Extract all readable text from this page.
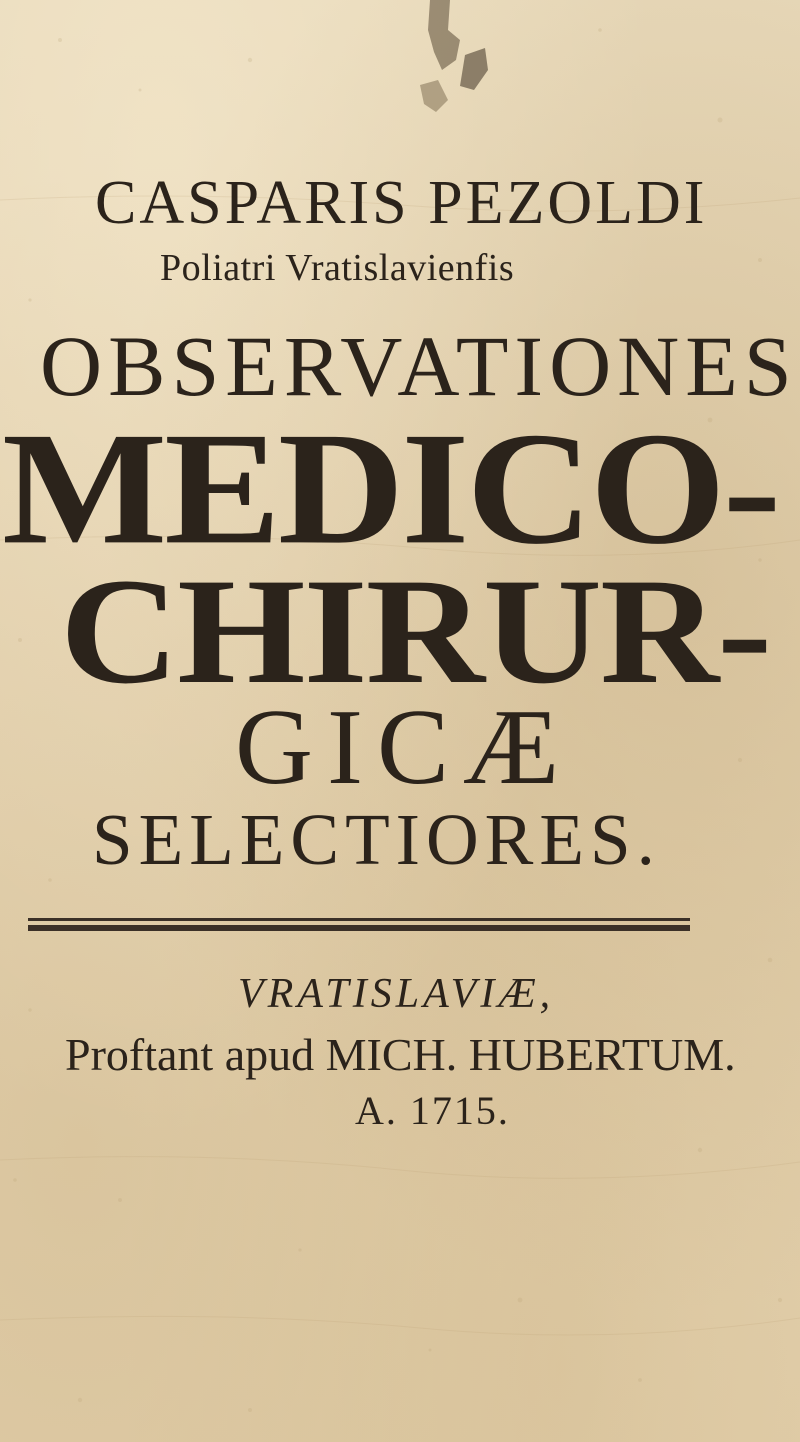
CASPARIS PEZOLDI
Poliatri Vratislavienfis
OBSERVATIONES
MEDICO-
CHIRUR-
GICÆ
SELECTIORES.
VRATISLAVIÆ,
Proftant apud MICH. HUBERTUM.
A. 1715.
